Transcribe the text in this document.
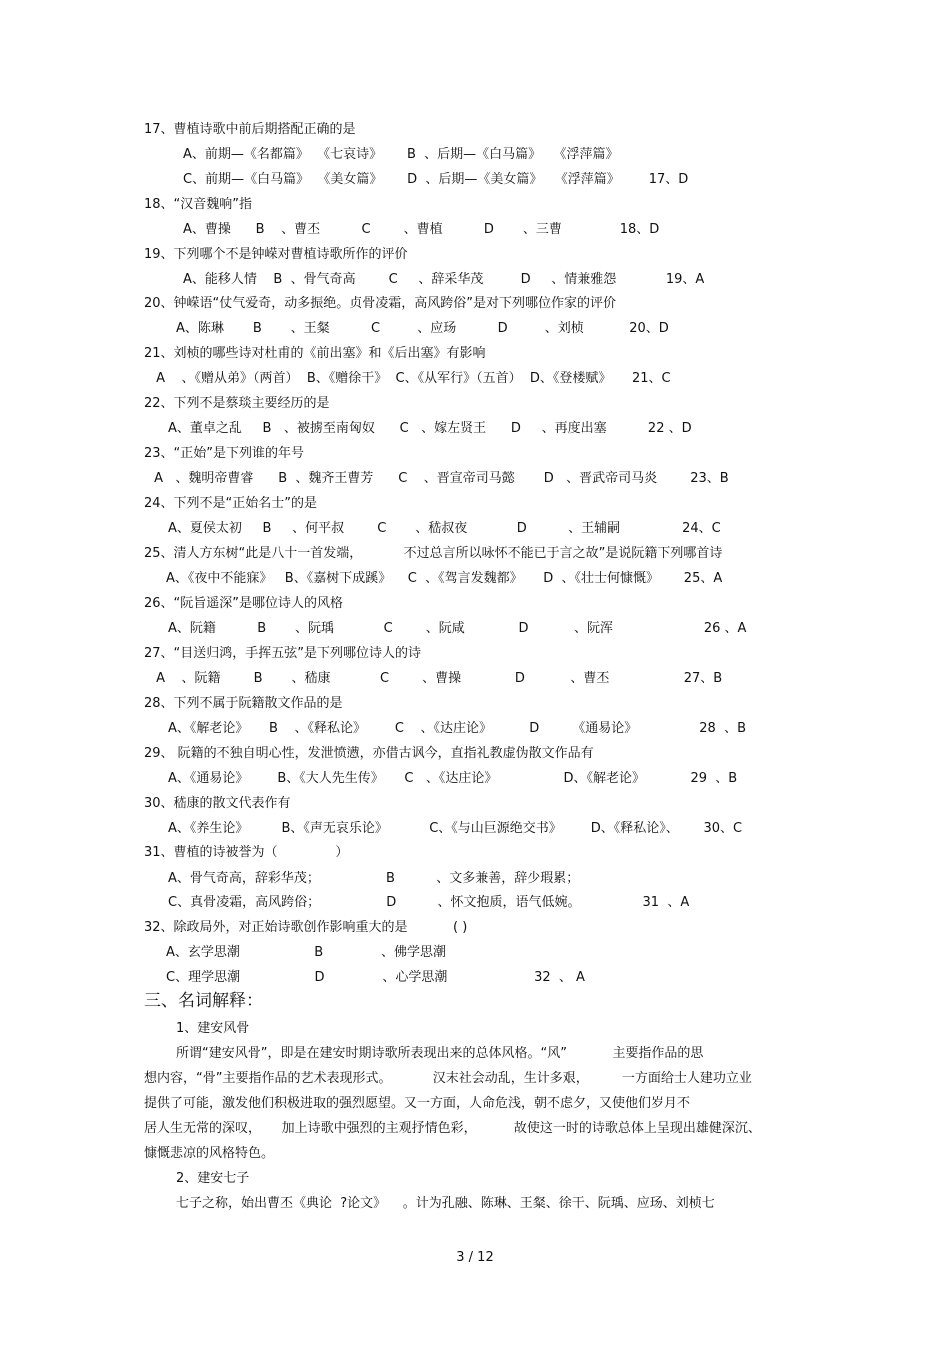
17、曹植诗歌中前后期搭配正确的是
A、前期—《名都篇》  《七哀诗》      B  、后期—《白马篇》   《浮萍篇》
C、前期—《白马篇》  《美女篇》      D  、后期—《美女篇》   《浮萍篇》       17、D
18、“汉音魏响”指
A、曹操      B    、曹丕          C        、曹植          D       、三曹              18、D
19、下列哪个不是钟嵘对曹植诗歌所作的评价
A、能移人情    B  、骨气奇高        C     、辞采华茂         D     、情兼雅怨            19、A
20、钟嵘语“仗气爱奇，动多振绝。贞骨凌霜，高风跨俗”是对下列哪位作家的评价
A、陈琳       B       、王粲          C         、应玚          D         、刘桢           20、D
21、刘桢的哪些诗对杜甫的《前出塞》和《后出塞》有影响
A    、《赠从弟》（两首）  B、《赠徐干》  C、《从军行》（五首）  D、《登楼赋》     21、C
22、下列不是蔡琰主要经历的是
A、董卓之乱     B   、被掳至南匈奴      C   、嫁左贤王      D     、再度出塞          22 、D
23、“正始”是下列谁的年号
A   、魏明帝曹睿      B  、魏齐王曹芳      C    、晋宣帝司马懿       D   、晋武帝司马炎        23、B
24、下列不是“正始名士”的是
A、夏侯太初     B     、何平叔        C       、嵇叔夜            D          、王辅嗣               24、C
25、清人方东树“此是八十一首发端，          不过总言所以咏怀不能已于言之故”是说阮籍下列哪首诗
A、《夜中不能寐》   B、《嘉树下成蹊》    C  、《驾言发魏都》     D  、《壮士何慷慨》      25、A
26、“阮旨遥深”是哪位诗人的风格
A、阮籍          B       、阮瑀            C        、阮咸             D           、阮浑                      26 、A
27、“目送归鸿，手挥五弦”是下列哪位诗人的诗
A    、阮籍        B       、嵇康            C        、曹操             D           、曹丕                  27、B
28、下列不属于阮籍散文作品的是
A、《解老论》     B    、《释私论》       C    、《达庄论》         D        《通易论》               28  、B
29、 阮籍的不独自明心性，发泄愤懑，亦借古讽今，直指礼教虚伪散文作品有
A、《通易论》       B、《大人先生传》     C   、《达庄论》                D、《解老论》           29  、B
30、嵇康的散文代表作有
A、《养生论》        B、《声无哀乐论》          C、《与山巨源绝交书》       D、《释私论》、      30、C
31、曹植的诗被誉为（              ）
A、骨气奇高，辞彩华茂；                B          、文多兼善，辞少瑕累；
C、真骨凌霜，高风跨俗；                D          、怀文抱质，语气低婉。               31  、A
32、除政局外，对正始诗歌创作影响重大的是           ( )
A、玄学思潮                  B              、佛学思潮
C、理学思潮                  D              、心学思潮                     32  、 A
三、名词解释：
1、建安风骨
所谓“建安风骨”，即是在建安时期诗歌所表现出来的总体风格。“风”           主要指作品的思
想内容，“骨”主要指作品的艺术表现形式。          汉末社会动乱，生计多艰，        一方面给士人建功立业
提供了可能，激发他们积极进取的强烈愿望。又一方面，人命危浅，朝不虑夕，又使他们岁月不
居人生无常的深叹，     加上诗歌中强烈的主观抒情色彩，         故使这一时的诗歌总体上呈现出雄健深沉、
慷慨悲凉的风格特色。
2、建安七子
七子之称，始出曹丕《典论  ?论文》    。计为孔融、陈琳、王粲、徐干、阮瑀、应玚、刘桢七
3 / 12
